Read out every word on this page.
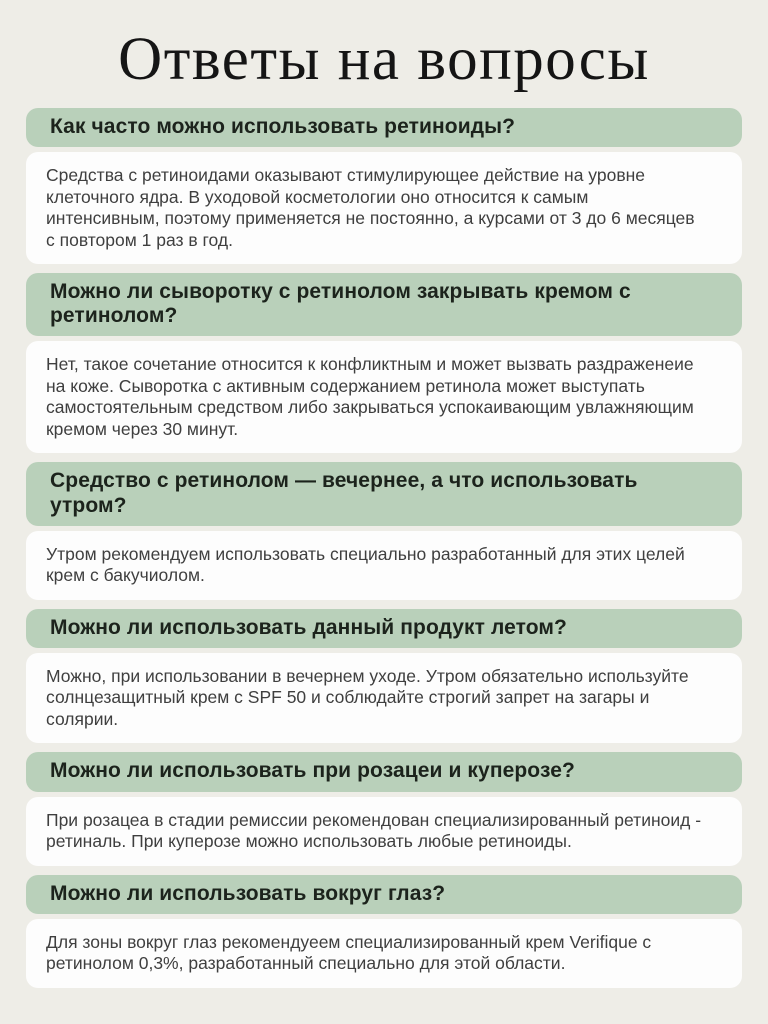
Ответы на вопросы
Как часто можно использовать ретиноиды?
Средства с ретиноидами оказывают стимулирующее действие на уровне клеточного ядра. В уходовой косметологии оно относится к самым интенсивным, поэтому применяется не постоянно, а курсами от 3 до 6 месяцев с повтором 1 раз в год.
Можно ли сыворотку с ретинолом закрывать кремом с ретинолом?
Нет, такое сочетание относится к конфликтным и может вызвать раздраженеие на коже. Сыворотка с активным содержанием ретинола может выступать самостоятельным средством либо закрываться успокаивающим увлажняющим кремом через 30 минут.
Средство с ретинолом — вечернее, а что использовать утром?
Утром рекомендуем использовать специально разработанный для этих целей крем с бакучиолом.
Можно ли использовать данный продукт летом?
Можно, при использовании в вечернем уходе. Утром обязательно используйте солнцезащитный крем с SPF 50 и соблюдайте строгий запрет на загары и солярии.
Можно ли использовать при розацеи и куперозе?
При розацеа в стадии ремиссии рекомендован специализированный ретиноид - ретиналь. При куперозе можно использовать любые ретиноиды.
Можно ли использовать вокруг глаз?
Для зоны вокруг глаз рекомендуеем специализированный крем Verifique с ретинолом 0,3%, разработанный специально для этой области.
